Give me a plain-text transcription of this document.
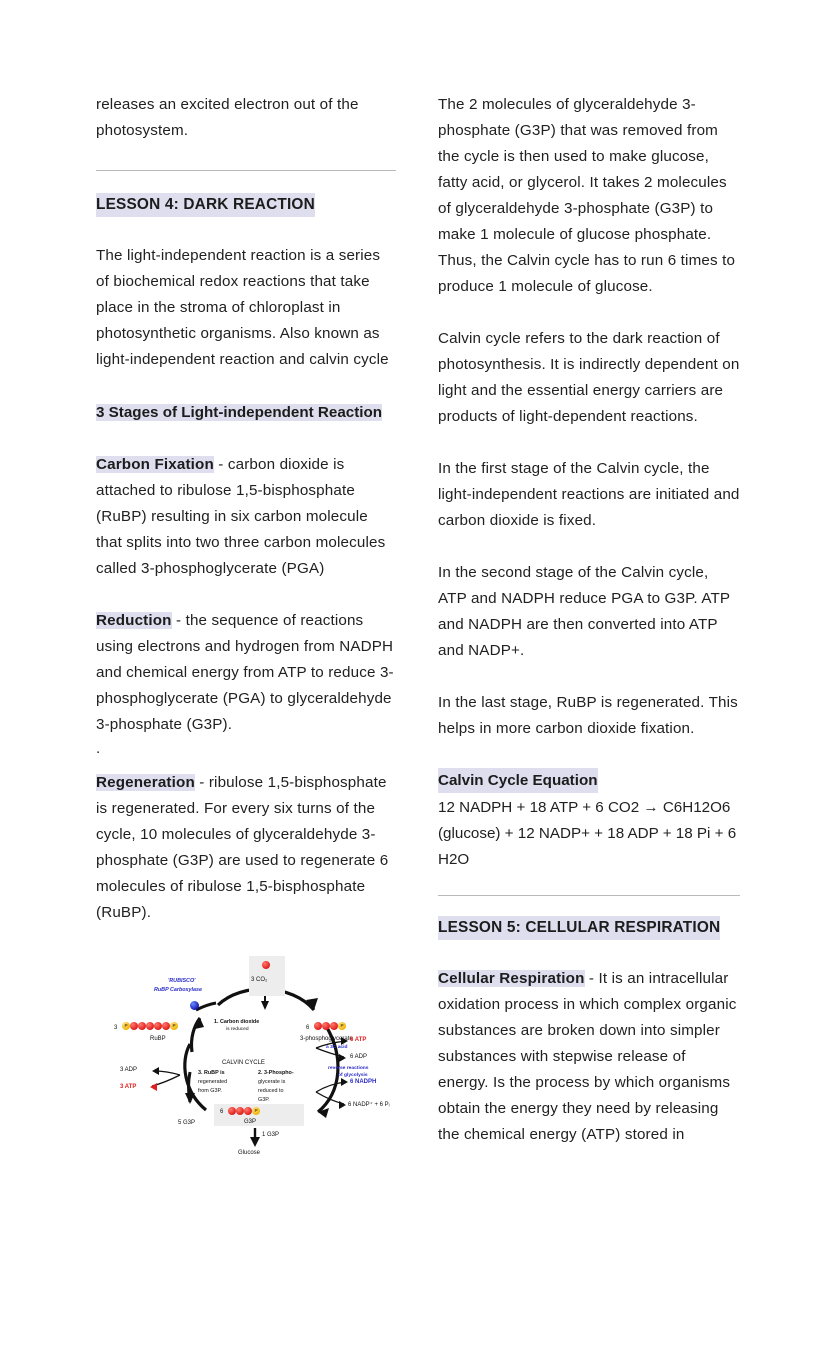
releases an excited electron out of the photosystem.

LESSON 4: DARK REACTION

The light-independent reaction is a series of biochemical redox reactions that take place in the stroma of chloroplast in photosynthetic organisms. Also known as light-independent reaction and calvin cycle

3 Stages of Light-independent Reaction

Carbon Fixation - carbon dioxide is attached to ribulose 1,5-bisphosphate (RuBP) resulting in six carbon molecule that splits into two three carbon molecules called 3-phosphoglycerate (PGA)

Reduction - the sequence of reactions using electrons and hydrogen from NADPH and chemical energy from ATP to reduce 3- phosphoglycerate (PGA) to glyceraldehyde 3-phosphate (G3P).

.

Regeneration - ribulose 1,5-bisphosphate is regenerated. For every six turns of the cycle, 10 molecules of glyceraldehyde 3-phosphate (G3P) are used to regenerate 6 molecules of ribulose 1,5-bisphosphate (RuBP).

3 CO₂
'RUBISCO'
RuBP Carboxylase
1. Carbon dioxide
is reduced
3	P	P
RuBP
6	P
3-phosphoglycerate
a 3C acid
CALVIN CYCLE
6 ATP
6 ADP
reverse reactions
of glycolysis
6 NADPH
6 NADP⁺ + 6 Pᵢ
2. 3-Phospho-
glycerate is
reduced to
G3P.
3. RuBP is
regenerated
from G3P.
3 ADP
3 ATP
6	P
G3P
5 G3P
1 G3P
Glucose

The 2 molecules of glyceraldehyde 3-phosphate (G3P) that was removed from the cycle is then used to make glucose, fatty acid, or glycerol. It takes 2 molecules of glyceraldehyde 3-phosphate (G3P) to make 1 molecule of glucose phosphate. Thus, the Calvin cycle has to run 6 times to produce 1 molecule of glucose.

Calvin cycle refers to the dark reaction of photosynthesis. It is indirectly dependent on light and the essential energy carriers are products of light-dependent reactions.

In the first stage of the Calvin cycle, the light-independent reactions are initiated and carbon dioxide is fixed.

In the second stage of the Calvin cycle, ATP and NADPH reduce PGA to G3P. ATP and NADPH are then converted into ATP and NADP+.

In the last stage, RuBP is regenerated. This helps in more carbon dioxide fixation.

Calvin Cycle Equation

12 NADPH + 18 ATP + 6 CO2 → C6H12O6 (glucose) + 12 NADP+ + 18 ADP + 18 Pi + 6 H2O

LESSON 5: CELLULAR RESPIRATION

Cellular Respiration - It is an intracellular oxidation process in which complex organic substances are broken down into simpler substances with stepwise release of energy. Is the process by which organisms obtain the energy they need by releasing the chemical energy (ATP) stored in
